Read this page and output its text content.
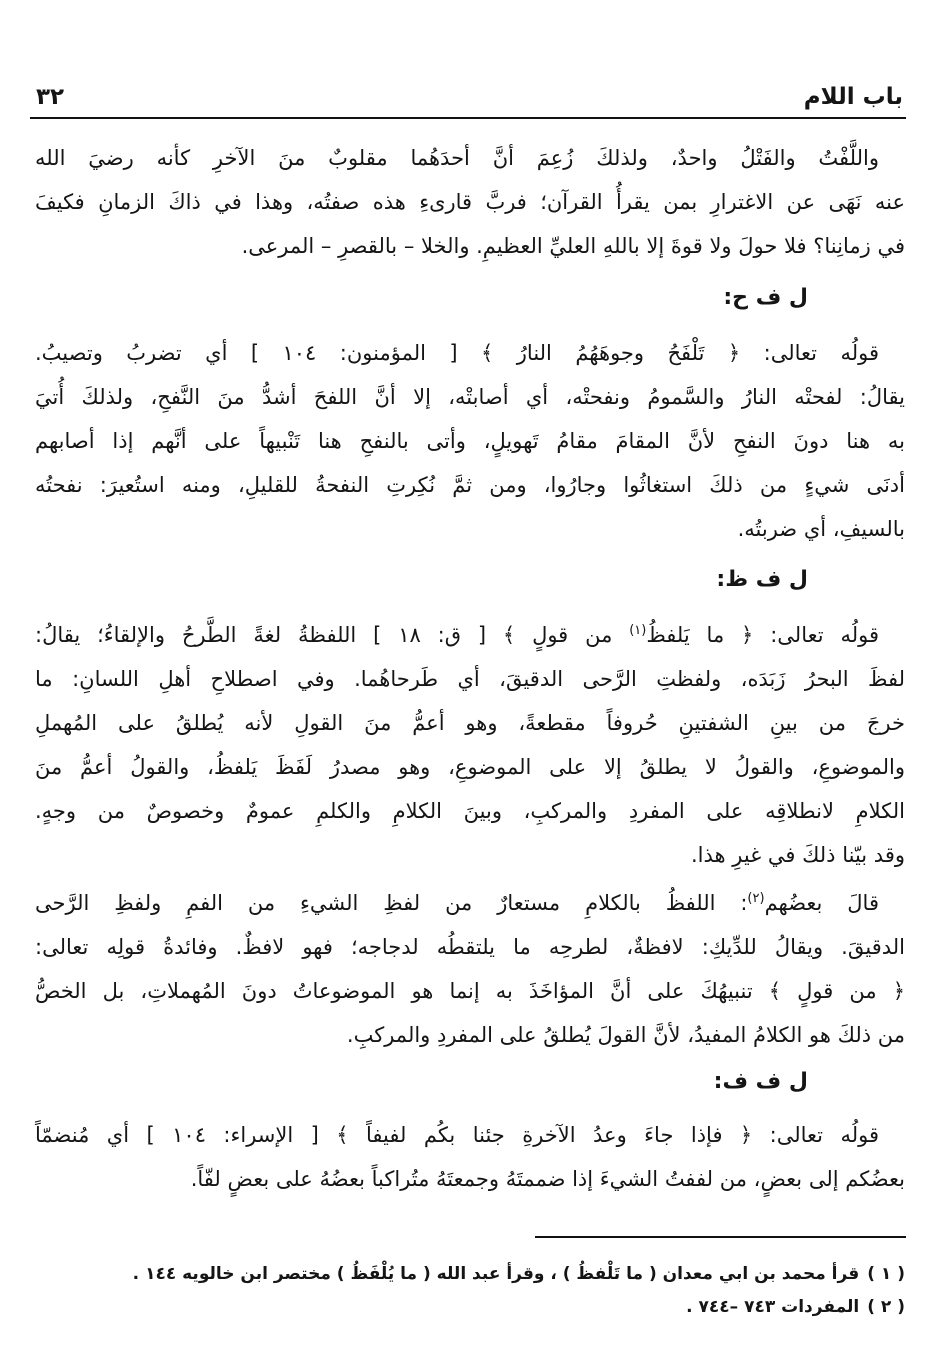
باب اللام
٣٢
واللَّفْتُ والفَتْلُ واحدٌ، ولذلكَ زُعِمَ أنَّ أحدَهُما مقلوبٌ منَ الآخرِ كأنه رضيَ الله
عنه نَهَى عن الاغترارِ بمن يقرأُ القرآن؛ فربَّ قارىءِ هذه صفتُه، وهذا في ذاكَ الزمانِ فكيفَ
في زمانِنا؟ فلا حولَ ولا قوةَ إلا باللهِ العليِّ العظيمِ. والخلا – بالقصرِ – المرعى.
ل ف ح:
قولُه تعالى: ﴿ تَلْفَحُ وجوهَهُمُ النارُ ﴾ [ المؤمنون: ١٠٤ ] أي تضربُ وتصيبُ.
يقالُ: لفحتْه النارُ والسَّمومُ ونفحتْه، أي أصابتْه، إلا أنَّ اللفحَ أشدُّ منَ النَّفحِ، ولذلكَ أُتيَ
به هنا دونَ النفحِ لأنَّ المقامَ مقامُ تَهويلٍ، وأتى بالنفحِ هنا تَنْبيهاً على أنَّهم إذا أصابهم
أدنَى شيءٍ من ذلكَ استغاثُوا وجارُوا، ومن ثمَّ نُكِرتِ النفحةُ للقليلِ، ومنه استُعيرَ: نفحتُه
بالسيفِ، أي ضربتُه.
ل ف ظ:
قولُه تعالى: ﴿ ما يَلفظُ$^{(١)}$ من قولٍ ﴾ [ ق: ١٨ ] اللفظةُ لغةً الطَّرحُ والإلقاءُ؛ يقالُ:
لفظَ البحرُ زَبَدَه، ولفظتِ الرَّحى الدقيقَ، أي طَرحاهُما. وفي اصطلاحِ أهلِ اللسانِ: ما
خرجَ من بينِ الشفتينِ حُروفاً مقطعةً، وهو أعمُّ منَ القولِ لأنه يُطلقُ على المُهملِ
والموضوعِ، والقولُ لا يطلقُ إلا على الموضوعِ، وهو مصدرُ لَفَظَ يَلفظُ، والقولُ أعمُّ منَ
الكلامِ لانطلاقِه على المفردِ والمركبِ، وبينَ الكلامِ والكلمِ عمومٌ وخصوصٌ من وجهٍ.
وقد بيّنا ذلكَ في غيرِ هذا.
قالَ بعضُهم$^{(٢)}$: اللفظُ بالكلامِ مستعارٌ من لفظِ الشيءِ من الفمِ ولفظِ الرَّحى
الدقيقَ. ويقالُ للدِّيكِ: لافظةٌ، لطرحِه ما يلتقطُه لدجاجه؛ فهو لافظٌ. وفائدةُ قولِه تعالى:
﴿ من قولٍ ﴾ تنبيهُكَ على أنَّ المؤاخَذَ به إنما هو الموضوعاتُ دونَ المُهملاتِ، بل الخصُّ
من ذلكَ هو الكلامُ المفيدُ، لأنَّ القولَ يُطلقُ على المفردِ والمركبِ.
ل ف ف:
قولُه تعالى: ﴿ فإذا جاءَ وعدُ الآخرةِ جئنا بكُم لفيفاً ﴾ [ الإسراء: ١٠٤ ] أي مُنضمّاً
بعضُكم إلى بعضٍ، من لففتُ الشيءَ إذا ضممتَهُ وجمعتَهُ متُراكباً بعضُهُ على بعضٍ لفّاً.
( ١ )قرأ محمد بن ابي معدان ( ما تَلْفظُ ) ، وقرأ عبد الله ( ما يُلْفَظُ ) مختصر ابن خالويه ١٤٤ .
( ٢ )المفردات ٧٤٣ –٧٤٤ .
